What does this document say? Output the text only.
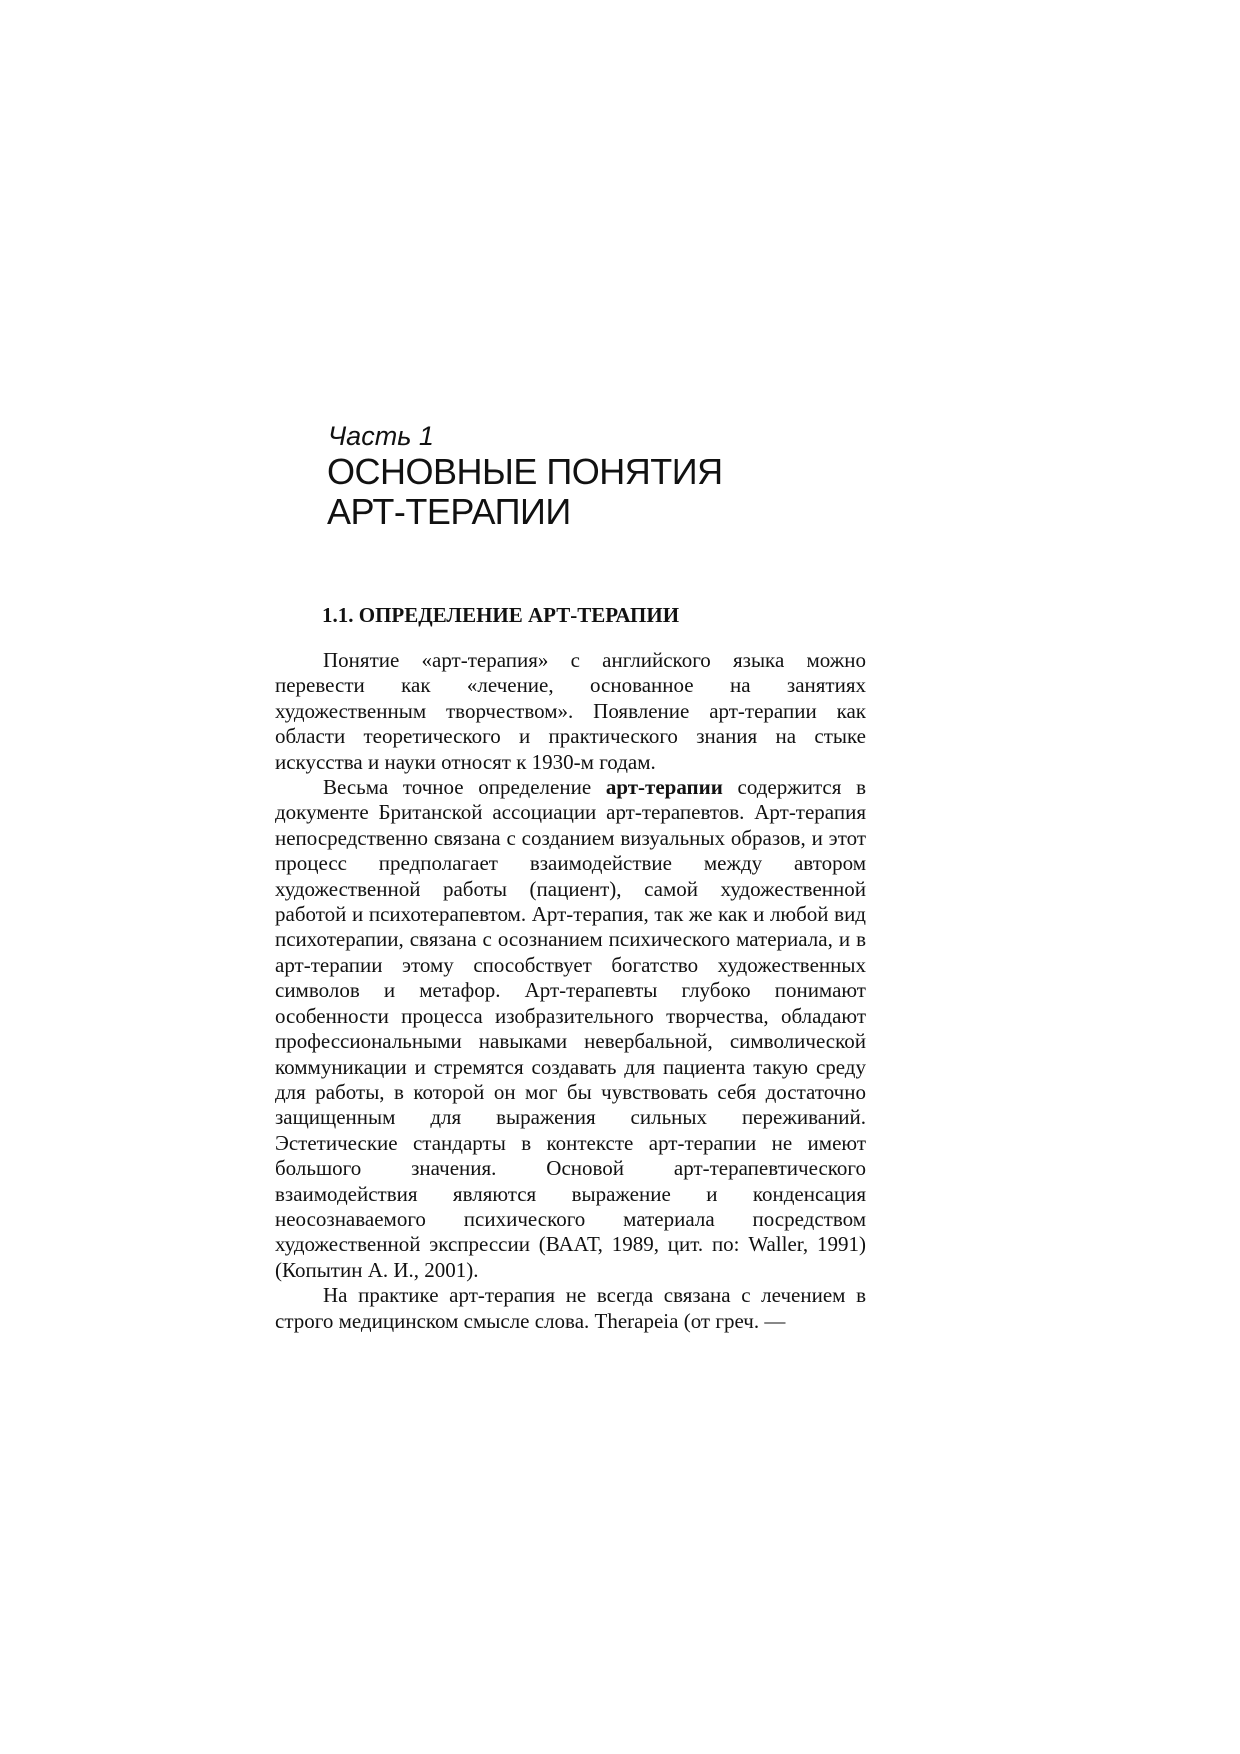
Часть 1
ОСНОВНЫЕ ПОНЯТИЯ
АРТ-ТЕРАПИИ
1.1. ОПРЕДЕЛЕНИЕ АРТ-ТЕРАПИИ

Понятие «арт-терапия» с английского языка можно перевести как «лечение, основанное на занятиях художественным творчеством». Появление арт-терапии как области теоретического и практического знания на стыке искусства и науки относят к 1930-м годам.

Весьма точное определение арт-терапии содержится в документе Британской ассоциации арт-терапевтов. Арт-терапия непосредственно связана с созданием визуальных образов, и этот процесс предполагает взаимодействие между автором художественной работы (пациент), самой художественной работой и психотерапевтом. Арт-терапия, так же как и любой вид психотерапии, связана с осознанием психического материала, и в арт-терапии этому способствует богатство художественных символов и метафор. Арт-терапевты глубоко понимают особенности процесса изобразительного творчества, обладают профессиональными навыками невербальной, символической коммуникации и стремятся создавать для пациента такую среду для работы, в которой он мог бы чувствовать себя достаточно защищенным для выражения сильных переживаний. Эстетические стандарты в контексте арт-терапии не имеют большого значения. Основой арт-терапевтического взаимодействия являются выражение и конденсация неосознаваемого психического материала посредством художественной экспрессии (ВААТ, 1989, цит. по: Waller, 1991) (Копытин А. И., 2001).

На практике арт-терапия не всегда связана с лечением в строго медицинском смысле слова. Therapeia (от греч. —
